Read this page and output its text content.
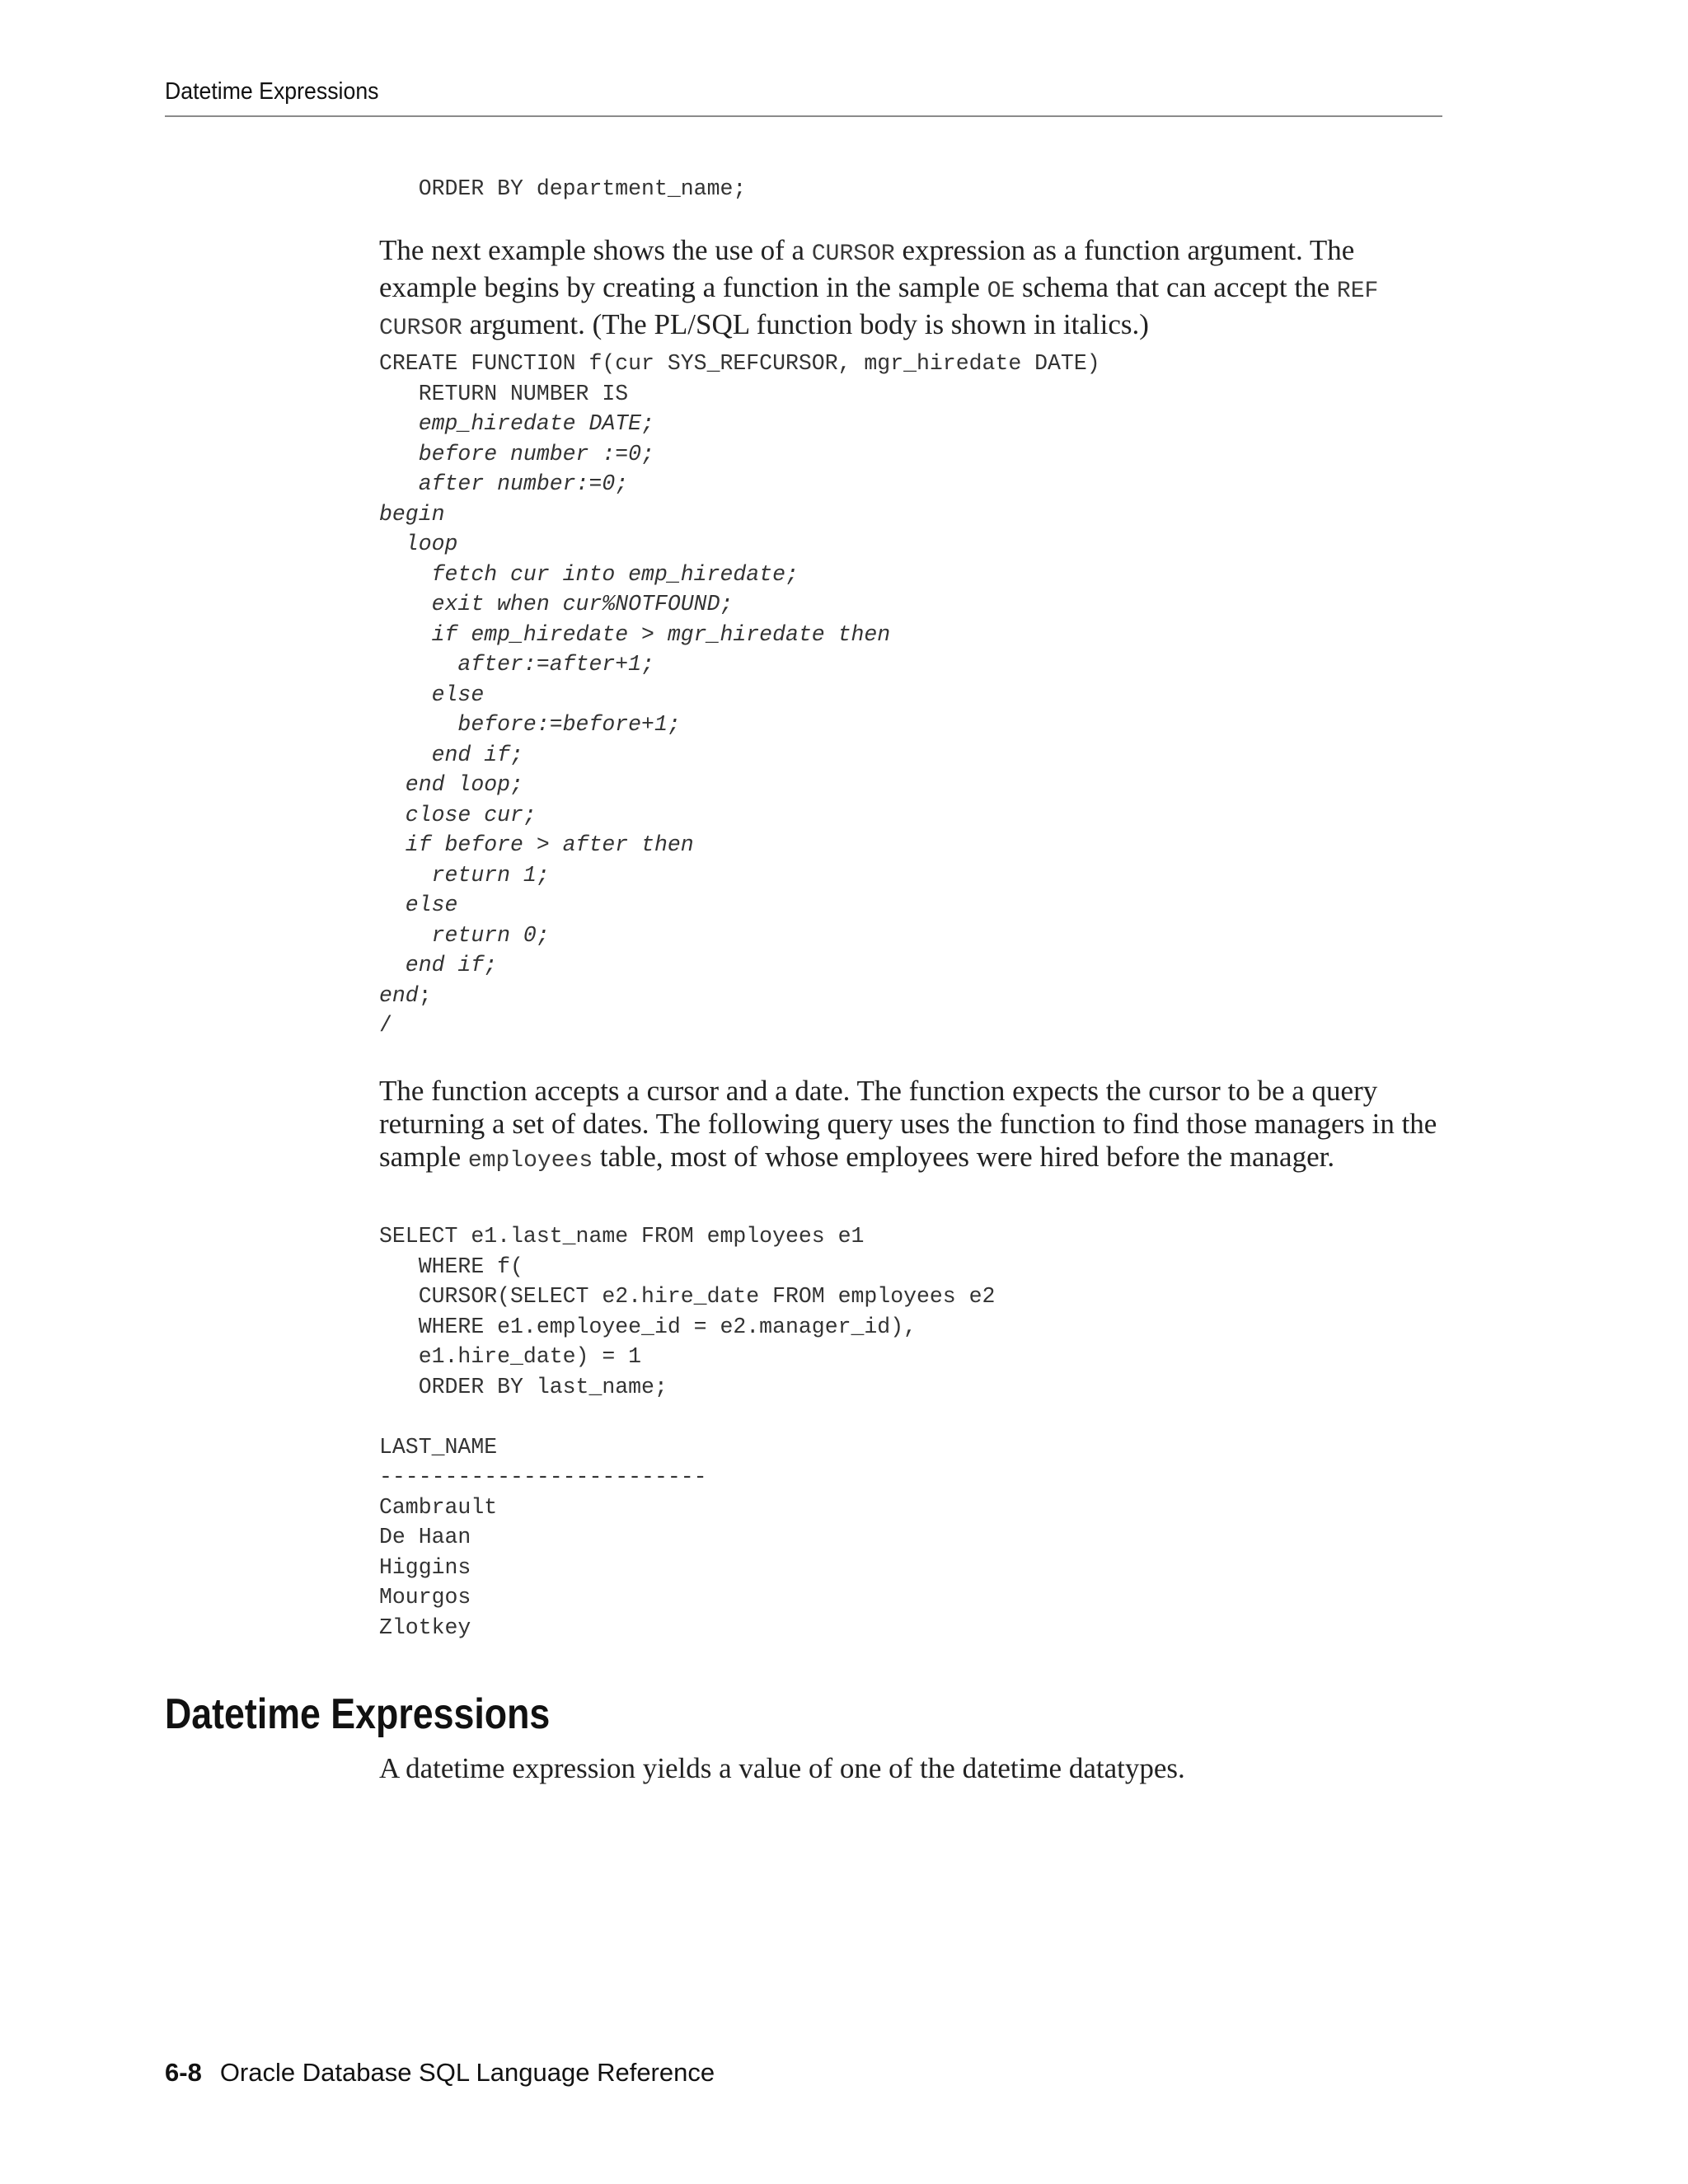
Datetime Expressions
ORDER BY department_name;

The next example shows the use of a CURSOR expression as a function argument. The example begins by creating a function in the sample OE schema that can accept the REF CURSOR argument. (The PL/SQL function body is shown in italics.)

CREATE FUNCTION f(cur SYS_REFCURSOR, mgr_hiredate DATE)
RETURN NUMBER IS
emp_hiredate DATE;
before number :=0;
after number:=0;
begin
loop
fetch cur into emp_hiredate;
exit when cur%NOTFOUND;
if emp_hiredate > mgr_hiredate then
after:=after+1;
else
before:=before+1;
end if;
end loop;
close cur;
if before > after then
return 1;
else
return 0;
end if;
end;
/

The function accepts a cursor and a date. The function expects the cursor to be a query returning a set of dates. The following query uses the function to find those managers in the sample employees table, most of whose employees were hired before the manager.

SELECT e1.last_name FROM employees e1
WHERE f(
CURSOR(SELECT e2.hire_date FROM employees e2
WHERE e1.employee_id = e2.manager_id),
e1.hire_date) = 1
ORDER BY last_name;

LAST_NAME
-------------------------
Cambrault
De Haan
Higgins
Mourgos
Zlotkey
Datetime Expressions

A datetime expression yields a value of one of the datetime datatypes.

6-8 Oracle Database SQL Language Reference
